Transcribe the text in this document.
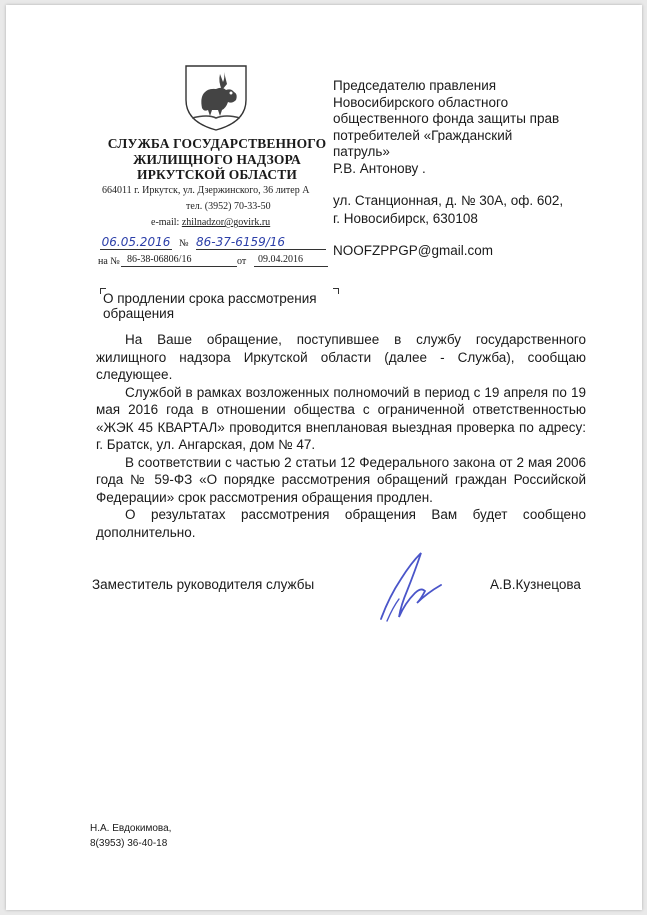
СЛУЖБА ГОСУДАРСТВЕННОГО
ЖИЛИЩНОГО НАДЗОРА
ИРКУТСКОЙ ОБЛАСТИ
664011 г. Иркутск, ул. Дзержинского, 36 литер А
тел. (3952) 70-33-50
e-mail: zhilnadzor@govirk.ru
06.05.2016 № 86-37-6159/16
на № 86-38-06806/16	от	09.04.2016
Председателю правления
Новосибирского областного
общественного фонда защиты прав
потребителей «Гражданский
патруль»
Р.В. Антонову .
ул. Станционная, д. № 30А, оф. 602,
г. Новосибирск, 630108
NOOFZPPGP@gmail.com
О продлении срока рассмотрения
обращения

На Ваше обращение, поступившее в службу государственного жилищного надзора Иркутской области (далее - Служба), сообщаю следующее.

Службой в рамках возложенных полномочий в период с 19 апреля по 19 мая 2016 года в отношении общества с ограниченной ответственностью «ЖЭК 45 КВАРТАЛ» проводится внеплановая выездная проверка по адресу: г. Братск, ул. Ангарская, дом № 47.

В соответствии с частью 2 статьи 12 Федерального закона от 2 мая 2006 года № 59-ФЗ «О порядке рассмотрения обращений граждан Российской Федерации» срок рассмотрения обращения продлен.

О результатах рассмотрения обращения Вам будет сообщено дополнительно.

Заместитель руководителя службы	А.В.Кузнецова
Н.А. Евдокимова,
8(3953) 36-40-18
